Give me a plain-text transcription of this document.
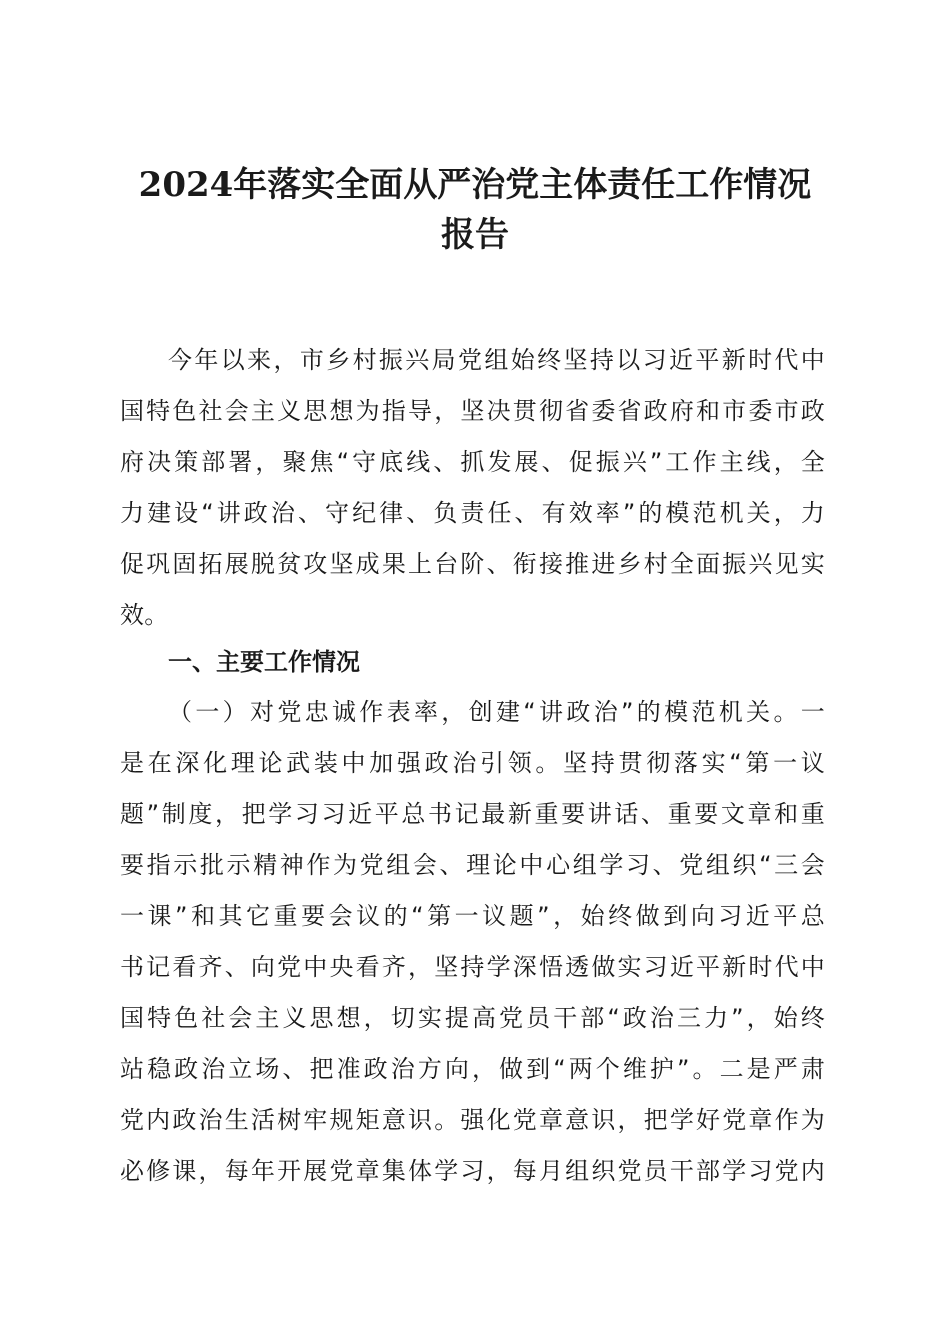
2024年落实全面从严治党主体责任工作情况
报告
今年以来，市乡村振兴局党组始终坚持以习近平新时代中
国特色社会主义思想为指导，坚决贯彻省委省政府和市委市政
府决策部署，聚焦“守底线、抓发展、促振兴”工作主线，全
力建设“讲政治、守纪律、负责任、有效率”的模范机关，力
促巩固拓展脱贫攻坚成果上台阶、衔接推进乡村全面振兴见实
效。
一、主要工作情况
（一）对党忠诚作表率，创建“讲政治”的模范机关。一
是在深化理论武装中加强政治引领。坚持贯彻落实“第一议
题”制度，把学习习近平总书记最新重要讲话、重要文章和重
要指示批示精神作为党组会、理论中心组学习、党组织“三会
一课”和其它重要会议的“第一议题”，始终做到向习近平总
书记看齐、向党中央看齐，坚持学深悟透做实习近平新时代中
国特色社会主义思想，切实提高党员干部“政治三力”，始终
站稳政治立场、把准政治方向，做到“两个维护”。二是严肃
党内政治生活树牢规矩意识。强化党章意识，把学好党章作为
必修课，每年开展党章集体学习，每月组织党员干部学习党内
